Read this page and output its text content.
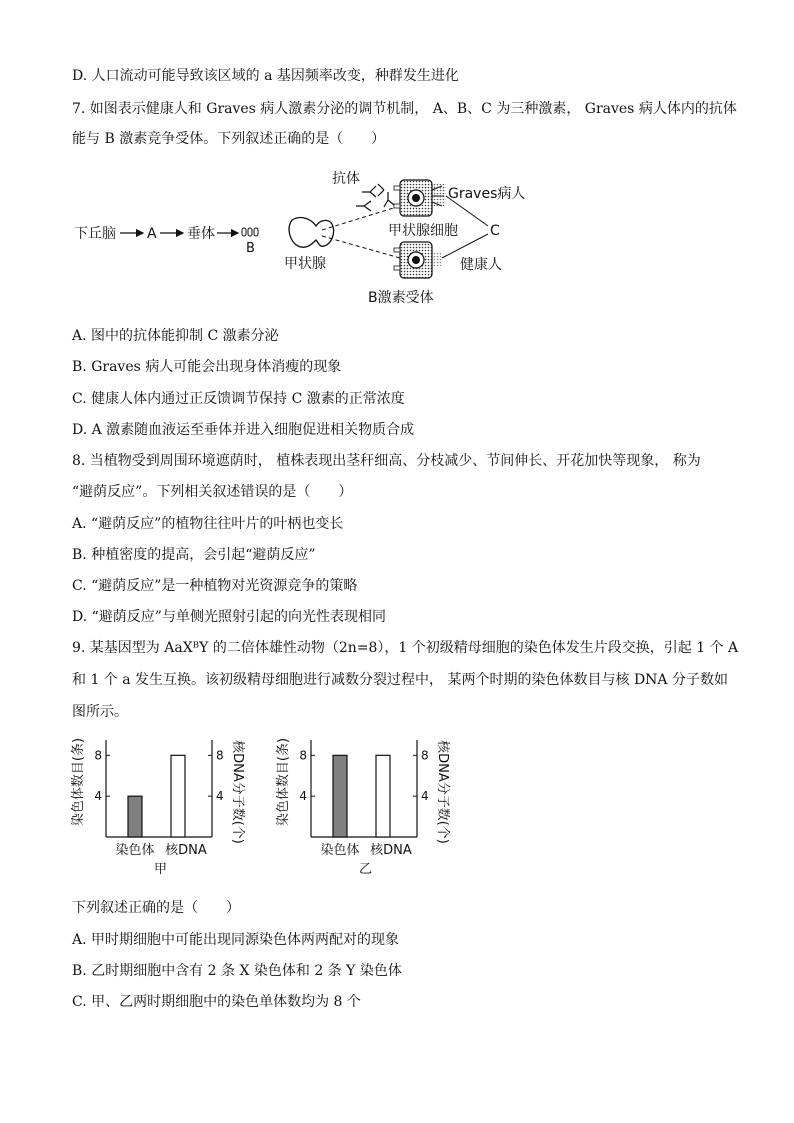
D. 人口流动可能导致该区域的 a 基因频率改变，种群发生进化
7. 如图表示健康人和 Graves 病人激素分泌的调节机制， A、B、C 为三种激素， Graves 病人体内的抗体
能与 B 激素竞争受体。下列叙述正确的是（　　）
下丘脑 A 垂体
B
甲状腺
抗体
Graves病人
甲状腺细胞
健康人
C
B激素受体
A. 图中的抗体能抑制 C 激素分泌
B. Graves 病人可能会出现身体消瘦的现象
C. 健康人体内通过正反馈调节保持 C 激素的正常浓度
D. A 激素随血液运至垂体并进入细胞促进相关物质合成
8. 当植物受到周围环境遮荫时， 植株表现出茎秆细高、分枝减少、节间伸长、开花加快等现象， 称为
“避荫反应”。下列相关叙述错误的是（　　）
A. “避荫反应”的植物往往叶片的叶柄也变长
B. 种植密度的提高，会引起“避荫反应”
C. “避荫反应”是一种植物对光资源竞争的策略
D. “避荫反应”与单侧光照射引起的向光性表现相同
9. 某基因型为 AaXᴮY 的二倍体雄性动物（2n=8），1 个初级精母细胞的染色体发生片段交换，引起 1 个 A
和 1 个 a 发生互换。该初级精母细胞进行减数分裂过程中， 某两个时期的染色体数目与核 DNA 分子数如
图所示。
染色体数目(条)	核DNA分子数(个)
4	4
8	8
染色体 核DNA
甲
染色体数目(条)	核DNA分子数(个)
4	4
8	8
染色体 核DNA
乙
下列叙述正确的是（　　）
A. 甲时期细胞中可能出现同源染色体两两配对的现象
B. 乙时期细胞中含有 2 条 X 染色体和 2 条 Y 染色体
C. 甲、乙两时期细胞中的染色单体数均为 8 个
